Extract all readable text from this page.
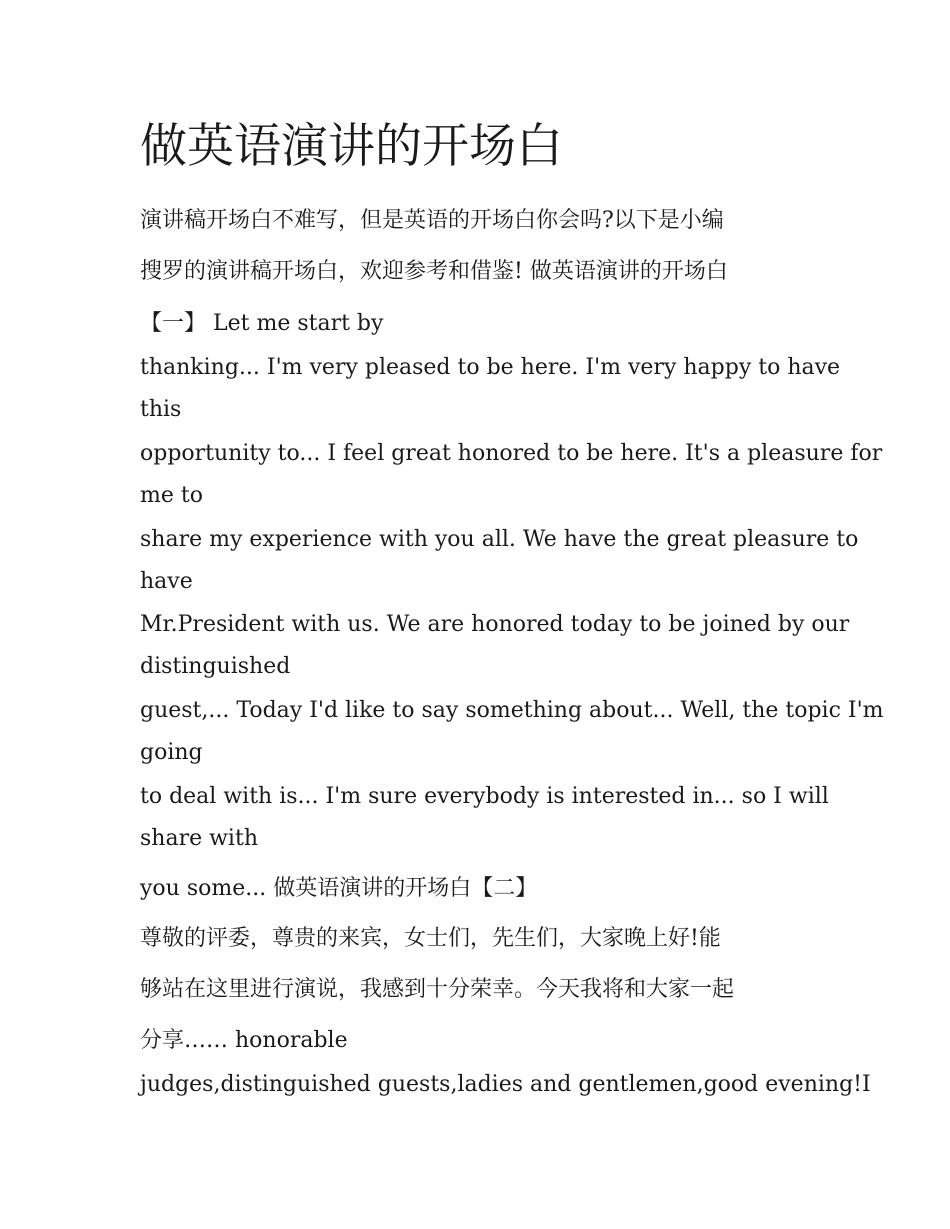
做英语演讲的开场白

演讲稿开场白不难写，但是英语的开场白你会吗?以下是小编

搜罗的演讲稿开场白，欢迎参考和借鉴! 做英语演讲的开场白

【一】 Let me start by

thanking... I'm very pleased to be here. I'm very happy to have

this

opportunity to... I feel great honored to be here. It's a pleasure for

me to

share my experience with you all. We have the great pleasure to

have

Mr.President with us. We are honored today to be joined by our

distinguished

guest,... Today I'd like to say something about... Well, the topic I'm

going

to deal with is... I'm sure everybody is interested in... so I will

share with

you some... 做英语演讲的开场白【二】

尊敬的评委，尊贵的来宾，女士们，先生们，大家晚上好!能

够站在这里进行演说，我感到十分荣幸。今天我将和大家一起

分享…… honorable

judges,distinguished guests,ladies and gentlemen,good evening!I
